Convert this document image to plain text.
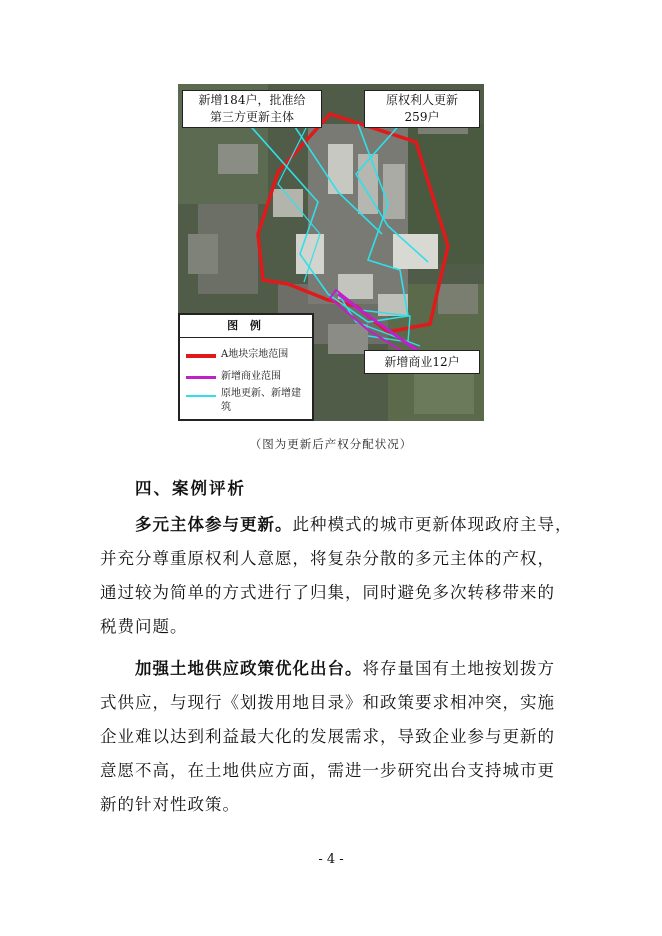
新增184户，批准给
第三方更新主体
原权利人更新
259户
新增商业12户
图 例
A地块宗地范围
新增商业范围
原地更新、新增建筑
（图为更新后产权分配状况）
四、案例评析
多元主体参与更新。此种模式的城市更新体现政府主导，
并充分尊重原权利人意愿，将复杂分散的多元主体的产权，
通过较为简单的方式进行了归集，同时避免多次转移带来的
税费问题。
加强土地供应政策优化出台。将存量国有土地按划拨方
式供应，与现行《划拨用地目录》和政策要求相冲突，实施
企业难以达到利益最大化的发展需求，导致企业参与更新的
意愿不高，在土地供应方面，需进一步研究出台支持城市更
新的针对性政策。
- 4 -
